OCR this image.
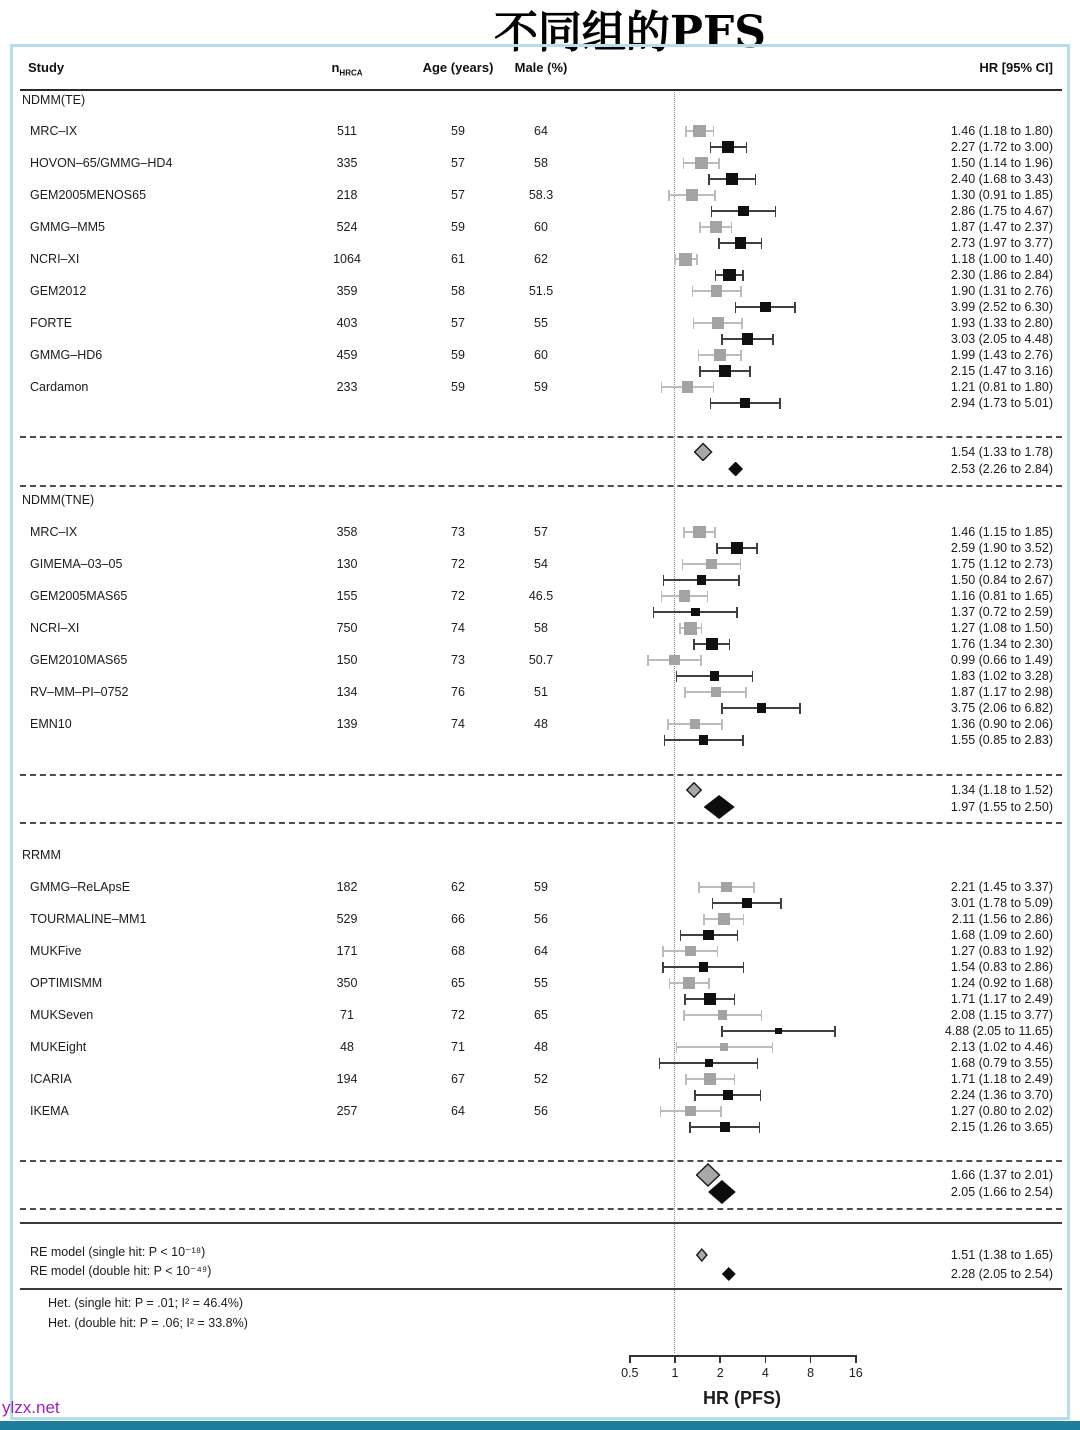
不同组的PFS
Study	$n_{HRCA}$	Age (years)	Male (%)	HR [95% CI]
NDMM(TE)
MRC–IX	511	59	64	1.46 (1.18 to 1.80)
2.27 (1.72 to 3.00)
HOVON–65/GMMG–HD4	335	57	58	1.50 (1.14 to 1.96)
2.40 (1.68 to 3.43)
GEM2005MENOS65	218	57	58.3	1.30 (0.91 to 1.85)
2.86 (1.75 to 4.67)
GMMG–MM5	524	59	60	1.87 (1.47 to 2.37)
2.73 (1.97 to 3.77)
NCRI–XI	1064	61	62	1.18 (1.00 to 1.40)
2.30 (1.86 to 2.84)
GEM2012	359	58	51.5	1.90 (1.31 to 2.76)
3.99 (2.52 to 6.30)
FORTE	403	57	55	1.93 (1.33 to 2.80)
3.03 (2.05 to 4.48)
GMMG–HD6	459	59	60	1.99 (1.43 to 2.76)
2.15 (1.47 to 3.16)
Cardamon	233	59	59	1.21 (0.81 to 1.80)
2.94 (1.73 to 5.01)
1.54 (1.33 to 1.78)
2.53 (2.26 to 2.84)
NDMM(TNE)
MRC–IX	358	73	57	1.46 (1.15 to 1.85)
2.59 (1.90 to 3.52)
GIMEMA–03–05	130	72	54	1.75 (1.12 to 2.73)
1.50 (0.84 to 2.67)
GEM2005MAS65	155	72	46.5	1.16 (0.81 to 1.65)
1.37 (0.72 to 2.59)
NCRI–XI	750	74	58	1.27 (1.08 to 1.50)
1.76 (1.34 to 2.30)
GEM2010MAS65	150	73	50.7	0.99 (0.66 to 1.49)
1.83 (1.02 to 3.28)
RV–MM–PI–0752	134	76	51	1.87 (1.17 to 2.98)
3.75 (2.06 to 6.82)
EMN10	139	74	48	1.36 (0.90 to 2.06)
1.55 (0.85 to 2.83)
1.34 (1.18 to 1.52)
1.97 (1.55 to 2.50)
RRMM
GMMG–ReLApsE	182	62	59	2.21 (1.45 to 3.37)
3.01 (1.78 to 5.09)
TOURMALINE–MM1	529	66	56	2.11 (1.56 to 2.86)
1.68 (1.09 to 2.60)
MUKFive	171	68	64	1.27 (0.83 to 1.92)
1.54 (0.83 to 2.86)
OPTIMISMM	350	65	55	1.24 (0.92 to 1.68)
1.71 (1.17 to 2.49)
MUKSeven	71	72	65	2.08 (1.15 to 3.77)
4.88 (2.05 to 11.65)
MUKEight	48	71	48	2.13 (1.02 to 4.46)
1.68 (0.79 to 3.55)
ICARIA	194	67	52	1.71 (1.18 to 2.49)
2.24 (1.36 to 3.70)
IKEMA	257	64	56	1.27 (0.80 to 2.02)
2.15 (1.26 to 3.65)
1.66 (1.37 to 2.01)
2.05 (1.66 to 2.54)
RE model (single hit: P < 10⁻¹⁸)	1.51 (1.38 to 1.65)
RE model (double hit: P < 10⁻⁴⁹)	2.28 (2.05 to 2.54)
Het. (single hit: P = .01; I² = 46.4%)
Het. (double hit: P = .06; I² = 33.8%)
0.5	1	2	4	8	16
HR (PFS)
ylzx.net
